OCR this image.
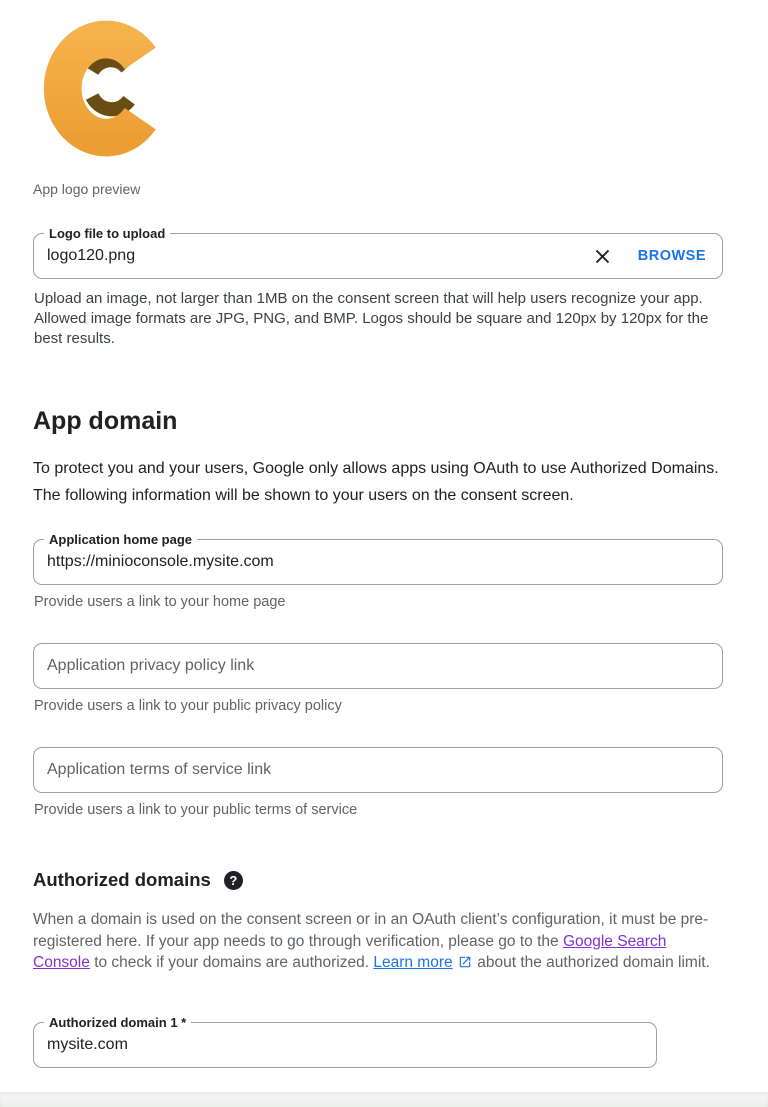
App logo preview
Logo file to upload
logo120.png	BROWSE

Upload an image, not larger than 1MB on the consent screen that will help users recognize your app. Allowed image formats are JPG, PNG, and BMP. Logos should be square and 120px by 120px for the best results.

App domain

To protect you and your users, Google only allows apps using OAuth to use Authorized Domains. The following information will be shown to your users on the consent screen.

Application home page
https://minioconsole.mysite.com

Provide users a link to your home page

Application privacy policy link

Provide users a link to your public privacy policy

Application terms of service link

Provide users a link to your public terms of service

Authorized domains ?

When a domain is used on the consent screen or in an OAuth client’s configuration, it must be pre-registered here. If your app needs to go through verification, please go to the Google Search Console to check if your domains are authorized. Learn more about the authorized domain limit.

Authorized domain 1 *
mysite.com
